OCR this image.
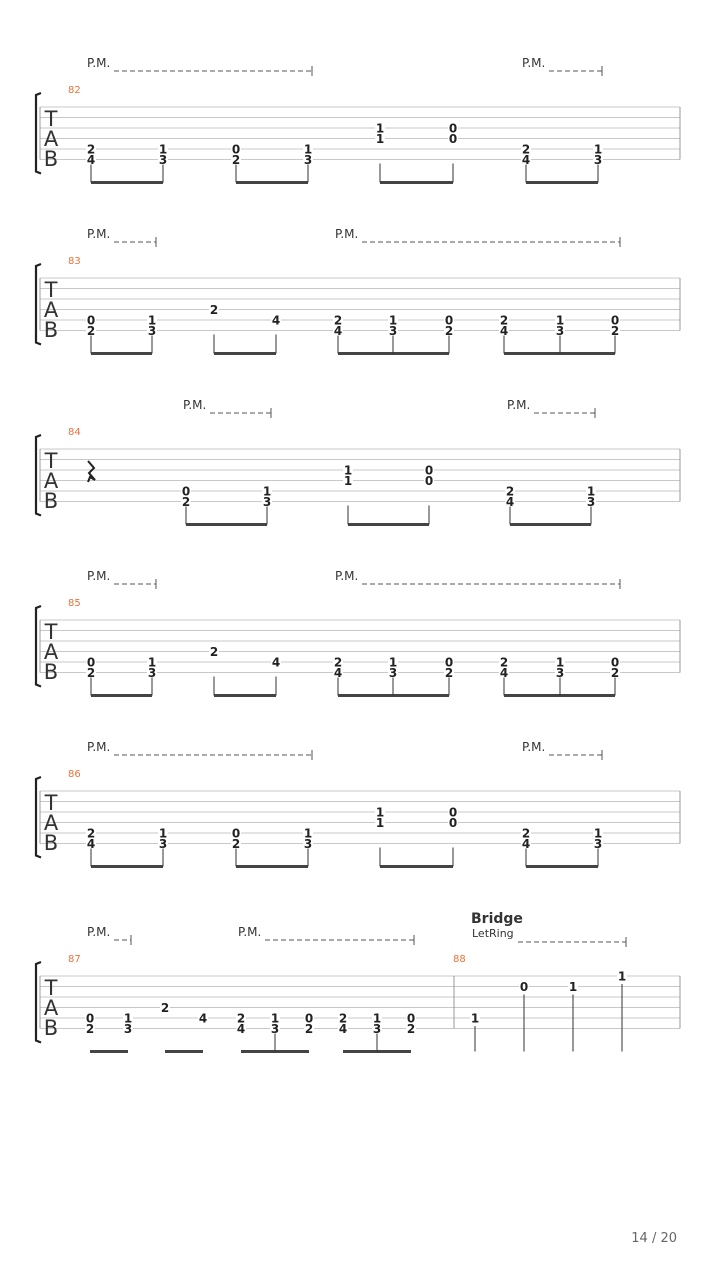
T
A
B
82
P.M.	P.M.
2
4
1
3
0
2
1
3
1
1
0
0
2
4
1
3
T
A
B
83
P.M.	P.M.
0
2
1
3
2
4	2
4
1
3
0
2
2
4
1
3
0
2
T
A
B
84
P.M.	P.M.
0
2
1
3
1
1
0
0
2
4
1
3
T
A
B
85
P.M.	P.M.
0
2
1
3
2
4	2
4
1
3
0
2
2
4
1
3
0
2
T
A
B
86
P.M.	P.M.
2
4
1
3
0
2
1
3
1
1
0
0
2
4
1
3
T
A
B
87	88
P.M.	P.M.
Bridge
LetRing
0
2
1
3
2
4 2
4
1
3
0
2
2
4
1
3
0
2
1
0	1
1
14 / 20
